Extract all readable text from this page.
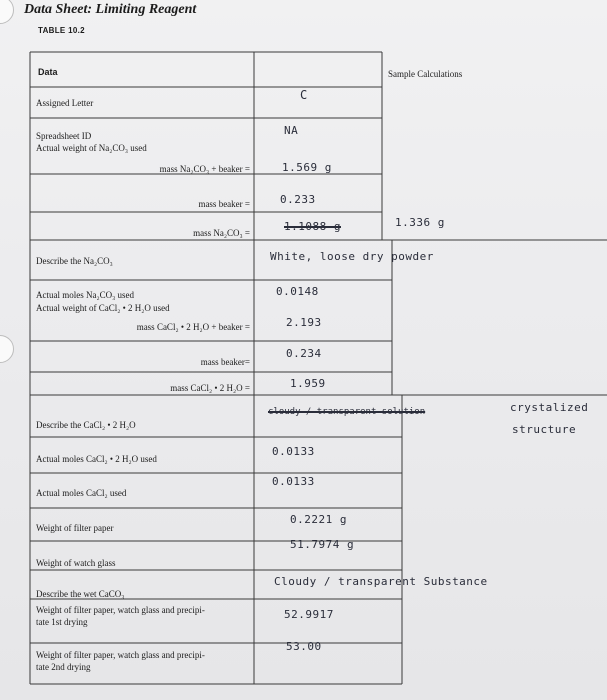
Data Sheet: Limiting Reagent
TABLE 10.2
Sample Calculations
Data
Assigned Letter
Spreadsheet ID
Actual weight of Na₂CO₃ used
mass Na₂CO₃ + beaker =
mass beaker =
mass Na₂CO₃ =
Describe the Na₂CO₃
Actual moles Na₂CO₃ used
Actual weight of CaCl₂ • 2 H₂O used
mass CaCl₂ • 2 H₂O + beaker =
mass beaker=
mass CaCl₂ • 2 H₂O =
Describe the CaCl₂ • 2 H₂O
Actual moles CaCl₂ • 2 H₂O used
Actual moles CaCl₂ used
Weight of filter paper
Weight of watch glass
Describe the wet CaCO₃
Weight of filter paper, watch glass and precipi-
tate 1st drying
Weight of filter paper, watch glass and precipi-
tate 2nd drying
C
NA
1.569 g
0.233
1.1088 g	1.336 g
White, loose dry powder
0.0148
2.193
0.234
1.959
cloudy / transparent solution	crystalized
structure
0.0133
0.0133
0.2221 g
51.7974 g
Cloudy / transparent Substance
52.9917
53.00
